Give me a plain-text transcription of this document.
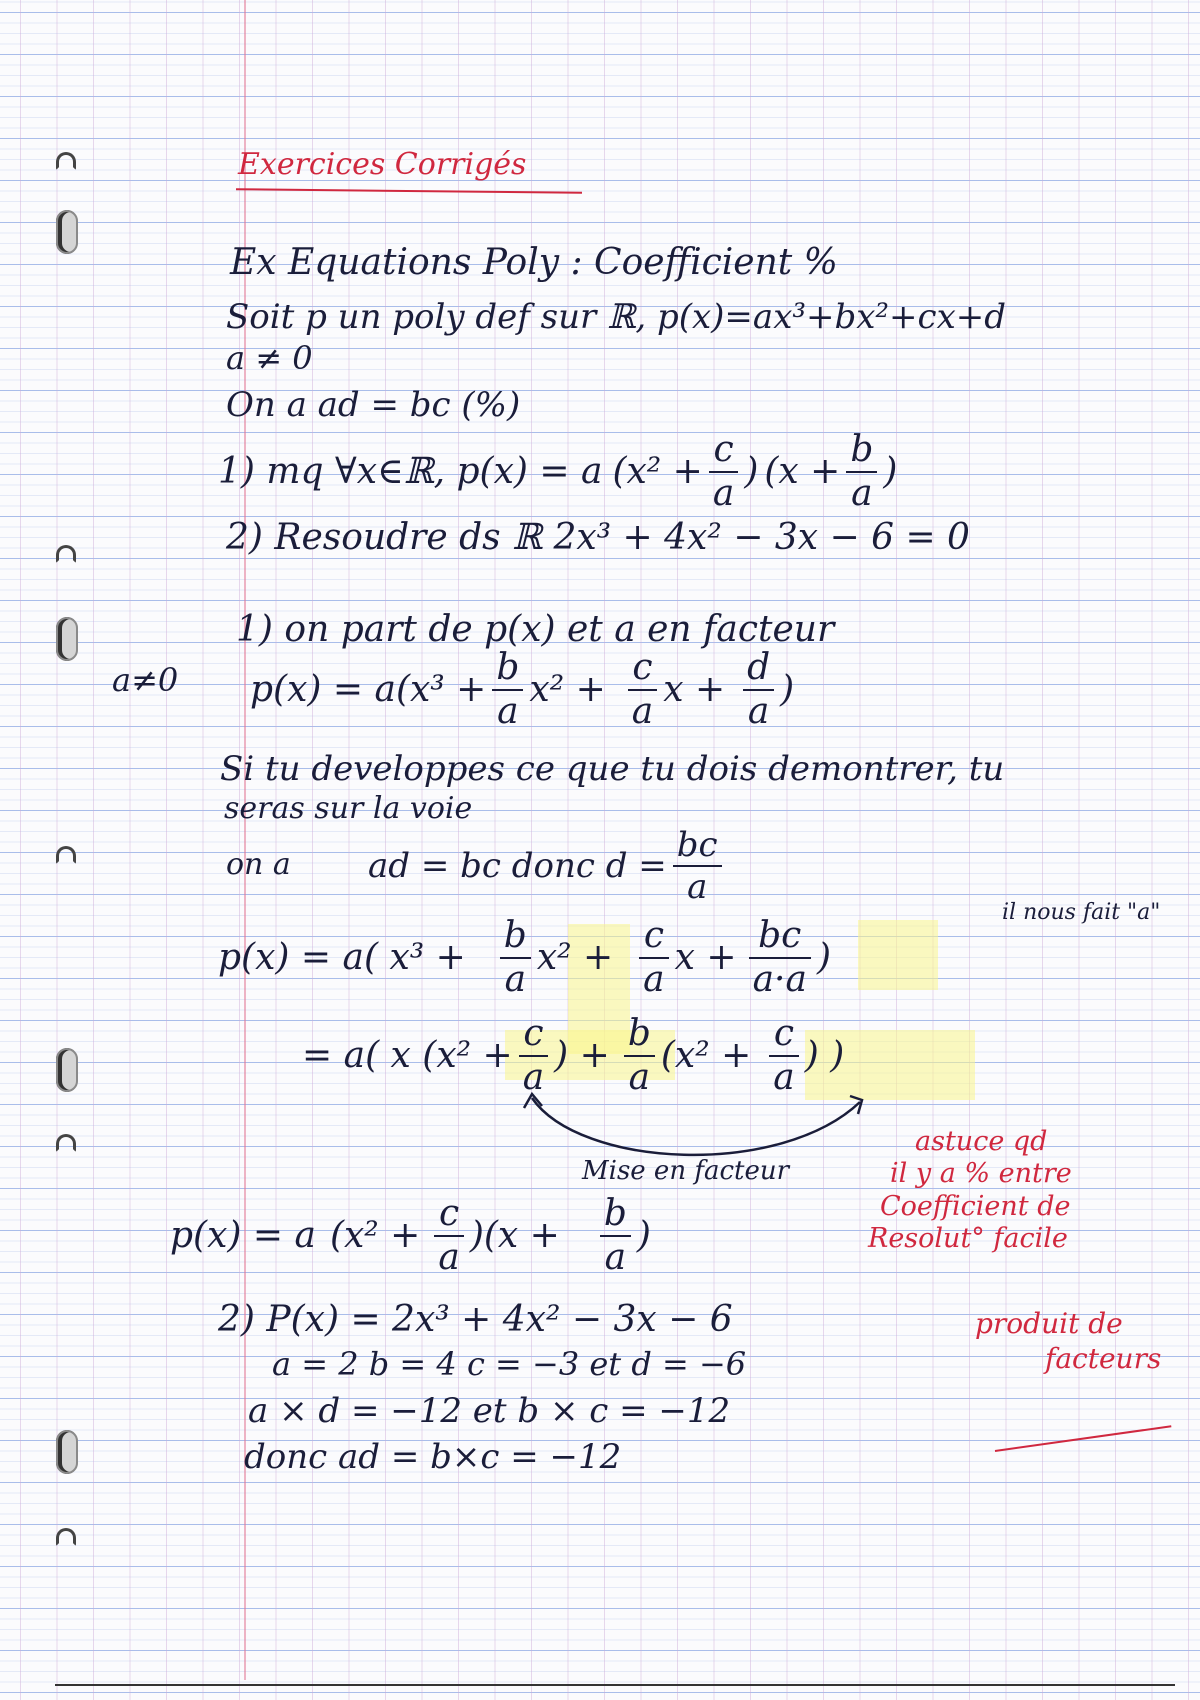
Exercices Corrigés
Ex Equations Poly : Coefficient %
Soit p un poly def sur ℝ, p(x)=ax³+bx²+cx+d
a ≠ 0
On a ad = bc (%)
1) mq ∀x∈ℝ, p(x) = a ($x^2 + \frac{c}{a}$ ) ($x + \frac{b}{a}$ )
2) Resoudre ds ℝ 2x³ + 4x² − 3x − 6 = 0
1) on part de p(x) et a en facteur
a≠0 $p(x) = a(x^3 + \frac{b}{a} x^2 + \frac{c}{a}$ $x + \frac{d}{a}$ )
Si tu developpes ce que tu dois demontrer, tu
seras sur la voie
on a ad = bc donc $d = \frac{bc}{a}$
p(x) = a( $x^3 + \frac{b}{a} x^2 + \frac{c}{a}$ $x + \frac{bc}{a\cdot a}$ )
il nous fait "a"
= a( x ($x^2 + \frac{c}{a}$ ) + $\frac{b}{a} (x^2 + \frac{c}{a}$ ) )
Mise en facteur
p(x) = a $(x^2 + \frac{c}{a} )(x + \frac{b}{a}$ )
2) P(x) = 2x³ + 4x² − 3x − 6
a = 2 b = 4 c = −3 et d = −6
a × d = −12 et b × c = −12
donc ad = b×c = −12
astuce qd
il y a % entre
Coefficient de
Resolut° facile
produit de
facteurs
